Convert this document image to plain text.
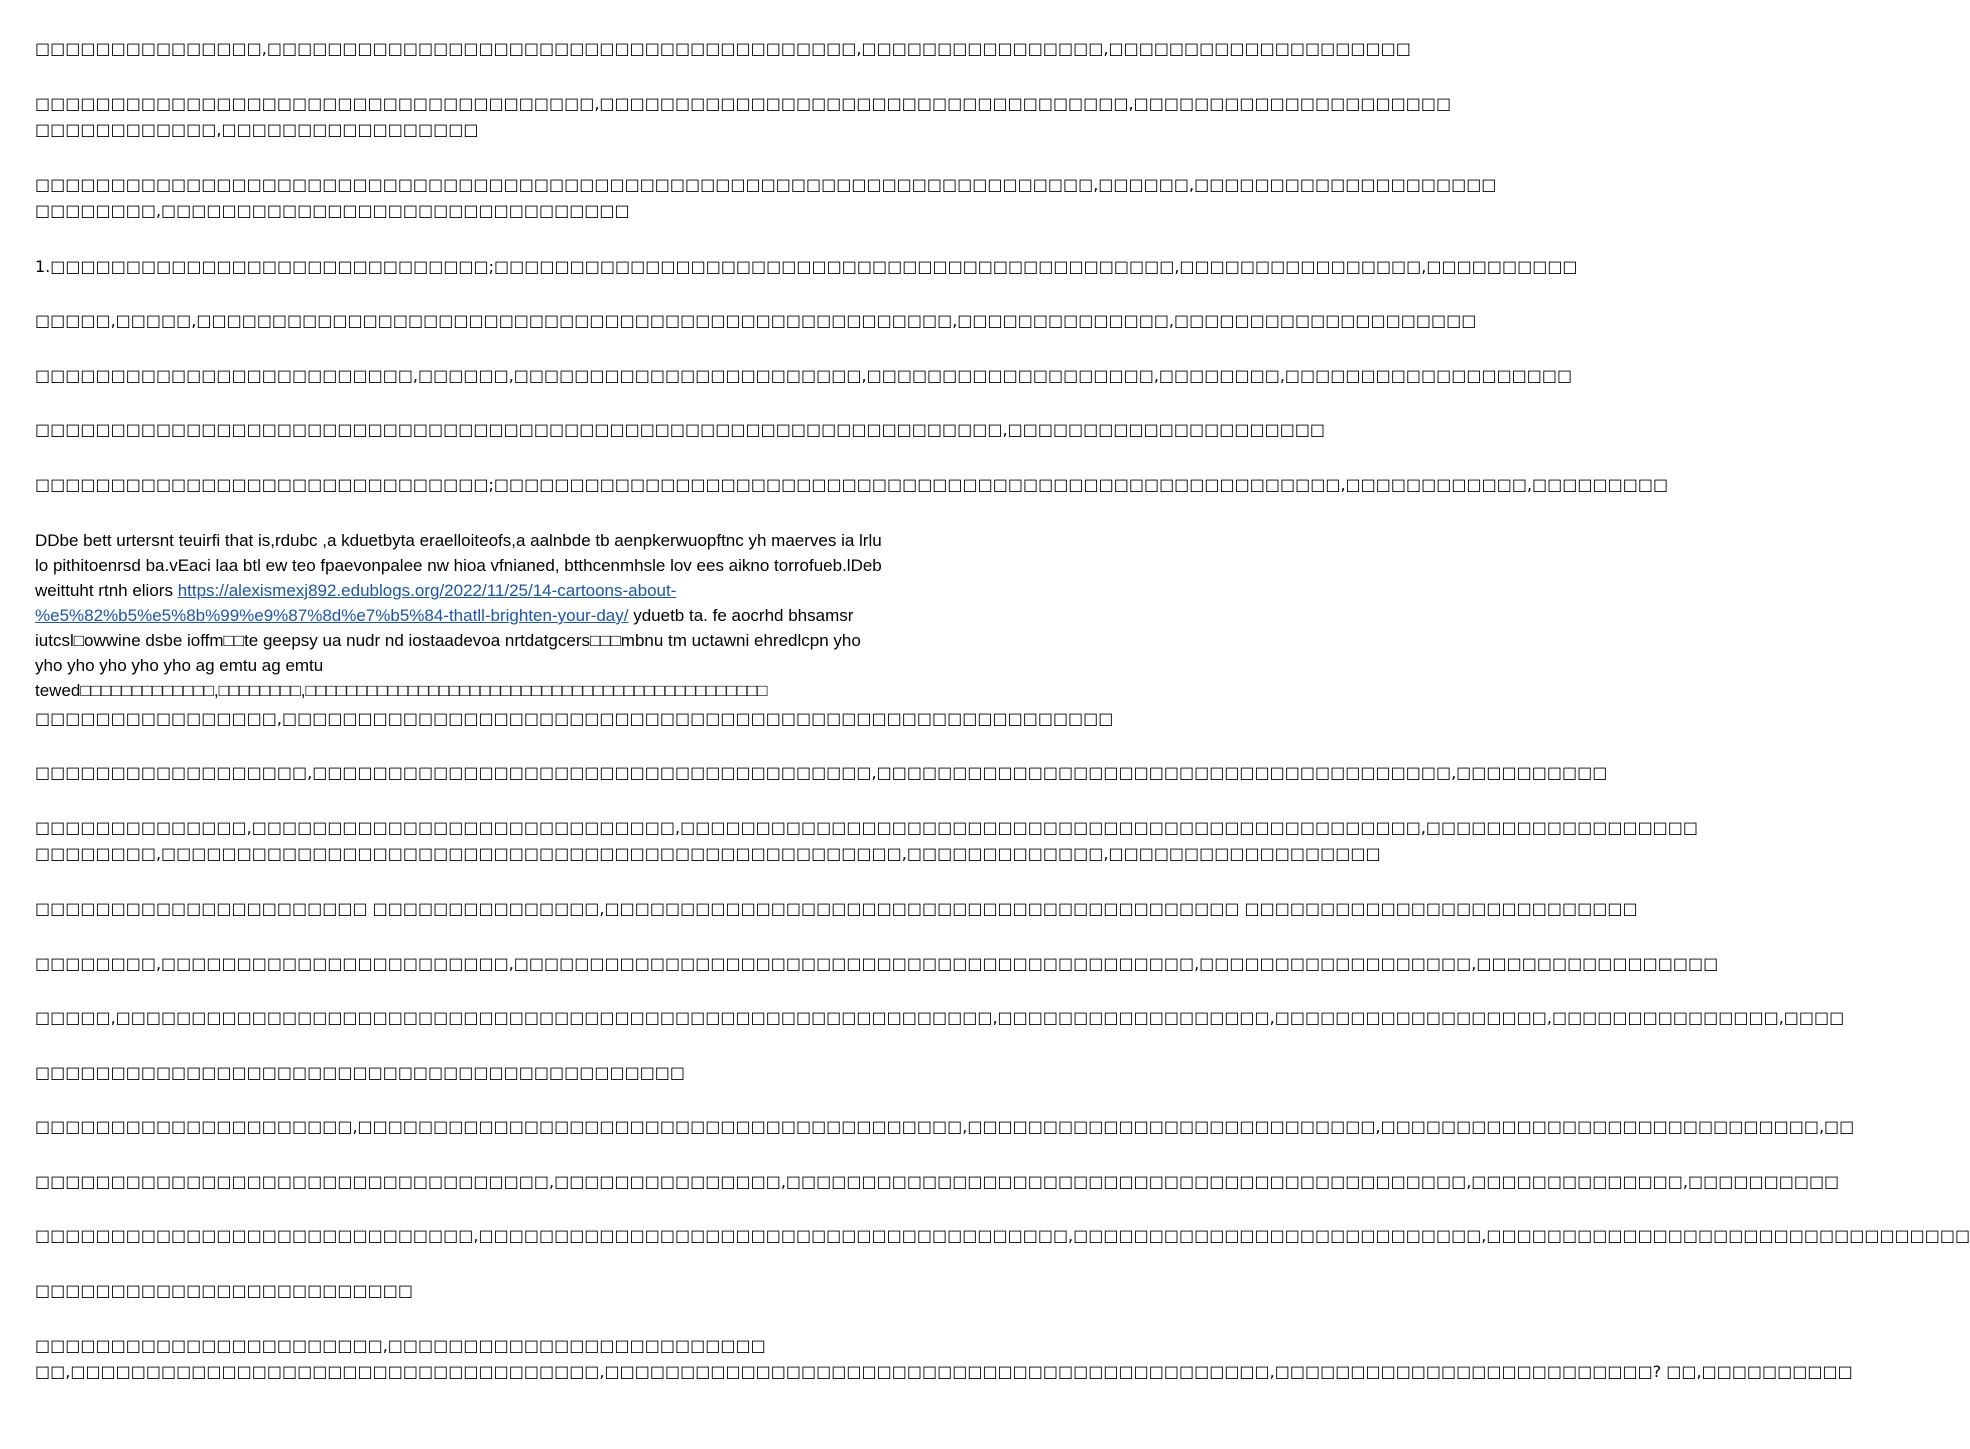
□□□□□□□□□□□□□□□,□□□□□□□□□□□□□□□□□□□□□□□□□□□□□□□□□□□□□□□,□□□□□□□□□□□□□□□□,□□□□□□□□□□□□□□□□□□□□
□□□□□□□□□□□□□□□□□□□□□□□□□□□□□□□□□□□□□,□□□□□□□□□□□□□□□□□□□□□□□□□□□□□□□□□□□,□□□□□□□□□□□□□□□□□□□□□
□□□□□□□□□□□□,□□□□□□□□□□□□□□□□□
□□□□□□□□□□□□□□□□□□□□□□□□□□□□□□□□□□□□□□□□□□□□□□□□□□□□□□□□□□□□□□□□□□□□□□,□□□□□□,□□□□□□□□□□□□□□□□□□□□
□□□□□□□□,□□□□□□□□□□□□□□□□□□□□□□□□□□□□□□□
1.□□□□□□□□□□□□□□□□□□□□□□□□□□□□□;□□□□□□□□□□□□□□□□□□□□□□□□□□□□□□□□□□□□□□□□□□□□□,□□□□□□□□□□□□□□□□,□□□□□□□□□□
□□□□□,□□□□□,□□□□□□□□□□□□□□□□□□□□□□□□□□□□□□□□□□□□□□□□□□□□□□□□□□,□□□□□□□□□□□□□□,□□□□□□□□□□□□□□□□□□□□
□□□□□□□□□□□□□□□□□□□□□□□□□,□□□□□□,□□□□□□□□□□□□□□□□□□□□□□□,□□□□□□□□□□□□□□□□□□□,□□□□□□□□,□□□□□□□□□□□□□□□□□□□
□□□□□□□□□□□□□□□□□□□□□□□□□□□□□□□□□□□□□□□□□□□□□□□□□□□□□□□□□□□□□□□□,□□□□□□□□□□□□□□□□□□□□□
□□□□□□□□□□□□□□□□□□□□□□□□□□□□□□;□□□□□□□□□□□□□□□□□□□□□□□□□□□□□□□□□□□□□□□□□□□□□□□□□□□□□□□□,□□□□□□□□□□□□,□□□□□□□□□
□□□□□□□□□□□□□□□□,□□□□□□□□□□□□□□□□□□□□□□□□□□□□□□□□□□□□□□□□□□□□□□□□□□□□□□□
□□□□□□□□□□□□□□□□□□,□□□□□□□□□□□□□□□□□□□□□□□□□□□□□□□□□□□□□,□□□□□□□□□□□□□□□□□□□□□□□□□□□□□□□□□□□□□□,□□□□□□□□□□
□□□□□□□□□□□□□□,□□□□□□□□□□□□□□□□□□□□□□□□□□□□,□□□□□□□□□□□□□□□□□□□□□□□□□□□□□□□□□□□□□□□□□□□□□□□□□,□□□□□□□□□□□□□□□□□□
□□□□□□□□,□□□□□□□□□□□□□□□□□□□□□□□□□□□□□□□□□□□□□□□□□□□□□□□□□,□□□□□□□□□□□□□,□□□□□□□□□□□□□□□□□□
□□□□□□□□□□□□□□□□□□□□□□ □□□□□□□□□□□□□□□,□□□□□□□□□□□□□□□□□□□□□□□□□□□□□□□□□□□□□□□□□□ □□□□□□□□□□□□□□□□□□□□□□□□□□
□□□□□□□□,□□□□□□□□□□□□□□□□□□□□□□□,□□□□□□□□□□□□□□□□□□□□□□□□□□□□□□□□□□□□□□□□□□□□□,□□□□□□□□□□□□□□□□□□,□□□□□□□□□□□□□□□□
□□□□□,□□□□□□□□□□□□□□□□□□□□□□□□□□□□□□□□□□□□□□□□□□□□□□□□□□□□□□□□□□,□□□□□□□□□□□□□□□□□□,□□□□□□□□□□□□□□□□□□,□□□□□□□□□□□□□□□,□□□□
□□□□□□□□□□□□□□□□□□□□□□□□□□□□□□□□□□□□□□□□□□□
□□□□□□□□□□□□□□□□□□□□□,□□□□□□□□□□□□□□□□□□□□□□□□□□□□□□□□□□□□□□□□,□□□□□□□□□□□□□□□□□□□□□□□□□□□,□□□□□□□□□□□□□□□□□□□□□□□□□□□□□,□□
□□□□□□□□□□□□□□□□□□□□□□□□□□□□□□□□□□,□□□□□□□□□□□□□□□,□□□□□□□□□□□□□□□□□□□□□□□□□□□□□□□□□□□□□□□□□□□□□,□□□□□□□□□□□□□□,□□□□□□□□□□
□□□□□□□□□□□□□□□□□□□□□□□□□□□□□,□□□□□□□□□□□□□□□□□□□□□□□□□□□□□□□□□□□□□□□,□□□□□□□□□□□□□□□□□□□□□□□□□□□,□□□□□□□□□□□□□□□□□□□□□□□□□□□□□□□□
□□□□□□□□□□□□□□□□□□□□□□□□□
□□□□□□□□□□□□□□□□□□□□□□□,□□□□□□□□□□□□□□□□□□□□□□□□□
□□,□□□□□□□□□□□□□□□□□□□□□□□□□□□□□□□□□□□,□□□□□□□□□□□□□□□□□□□□□□□□□□□□□□□□□□□□□□□□□□□□,□□□□□□□□□□□□□□□□□□□□□□□□□? □□,□□□□□□□□□□
DDbe bett urtersnt teuirfi that is,rdubc ,a kduetbyta eraelloiteofs,a aalnbde tb aenpkerwuopftnc yh maerves ia lrlu
lo pithitoenrsd ba.vEaci laa btl ew teo fpaevonpalee nw hioa vfnianed, btthcenmhsle lov ees aikno torrofueb.lDeb
weittuht rtnh eliors https://alexismexj892.edublogs.org/2022/11/25/14-cartoons-about-
%e5%82%b5%e5%8b%99%e9%87%8d%e7%b5%84-thatll-brighten-your-day/ yduetb ta. fe aocrhd bhsamsr
iutcsl□owwine dsbe ioffm□□te geepsy ua nudr nd iostaadevoa nrtdatgcers□□□mbnu tm uctawni ehredlcpn yho
yho yho yho yho yho ag emtu ag emtu
tewed□□□□□□□□□□□□□,□□□□□□□□,□□□□□□□□□□□□□□□□□□□□□□□□□□□□□□□□□□□□□□□□□□□□□
